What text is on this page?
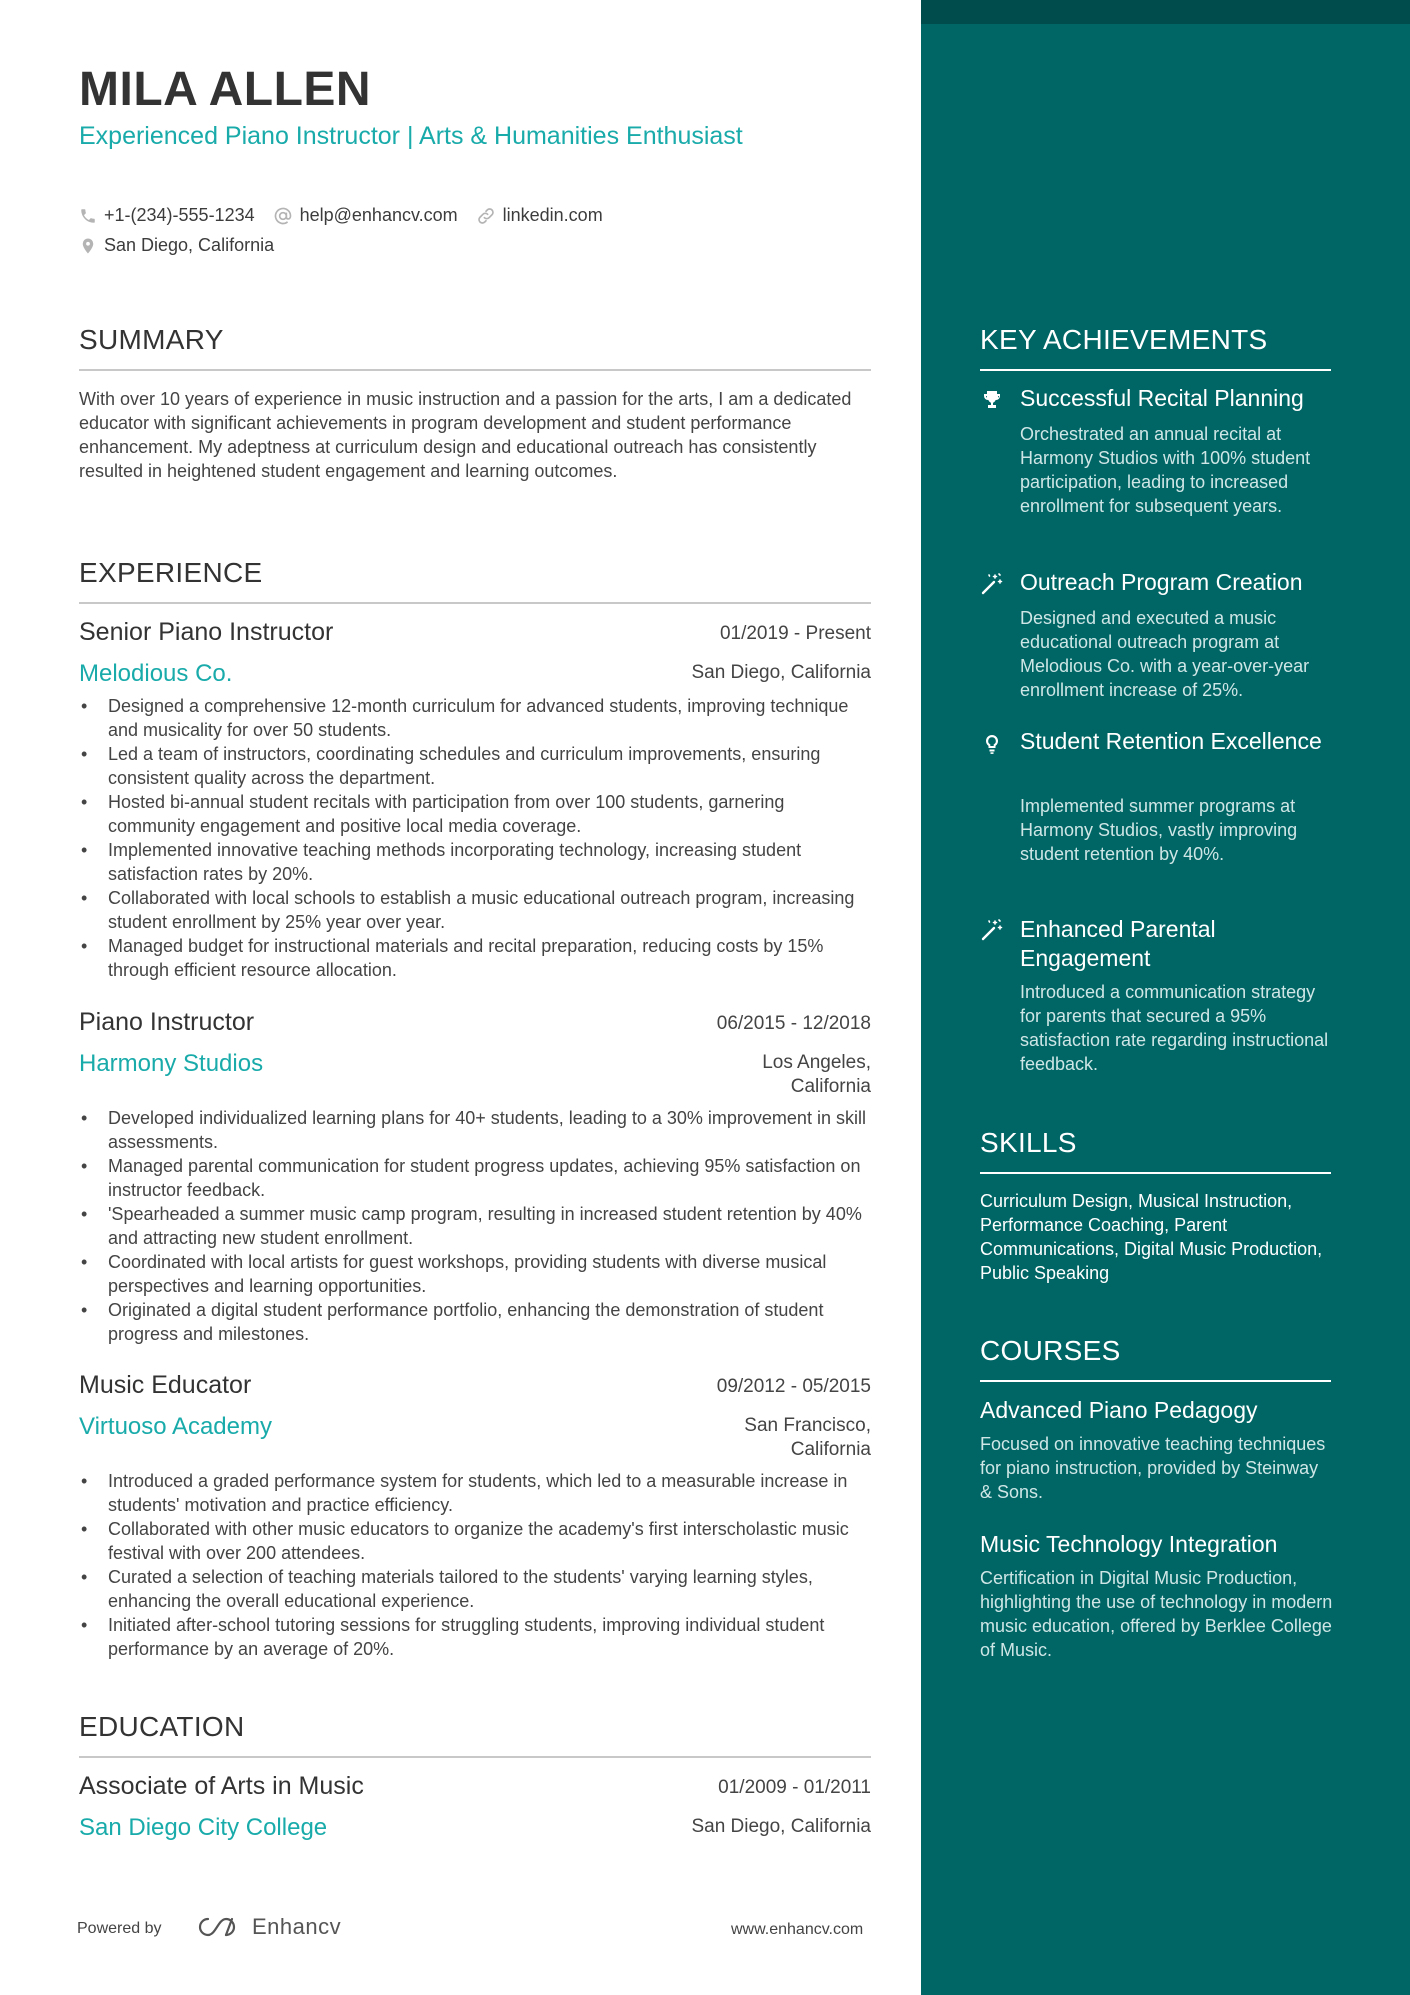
MILA ALLEN
Experienced Piano Instructor | Arts & Humanities Enthusiast
+1-(234)-555-1234	help@enhancv.com	linkedin.com
San Diego, California
SUMMARY
With over 10 years of experience in music instruction and a passion for the arts, I am a dedicated educator with significant achievements in program development and student performance enhancement. My adeptness at curriculum design and educational outreach has consistently resulted in heightened student engagement and learning outcomes.
EXPERIENCE
Senior Piano Instructor	01/2019 - Present
Melodious Co.	San Diego, California
• Designed a comprehensive 12-month curriculum for advanced students, improving technique and musicality for over 50 students.
• Led a team of instructors, coordinating schedules and curriculum improvements, ensuring consistent quality across the department.
• Hosted bi-annual student recitals with participation from over 100 students, garnering community engagement and positive local media coverage.
• Implemented innovative teaching methods incorporating technology, increasing student satisfaction rates by 20%.
• Collaborated with local schools to establish a music educational outreach program, increasing student enrollment by 25% year over year.
• Managed budget for instructional materials and recital preparation, reducing costs by 15% through efficient resource allocation.
Piano Instructor	06/2015 - 12/2018
Harmony Studios	Los Angeles, California
• Developed individualized learning plans for 40+ students, leading to a 30% improvement in skill assessments.
• Managed parental communication for student progress updates, achieving 95% satisfaction on instructor feedback.
• 'Spearheaded a summer music camp program, resulting in increased student retention by 40% and attracting new student enrollment.
• Coordinated with local artists for guest workshops, providing students with diverse musical perspectives and learning opportunities.
• Originated a digital student performance portfolio, enhancing the demonstration of student progress and milestones.
Music Educator	09/2012 - 05/2015
Virtuoso Academy	San Francisco, California
• Introduced a graded performance system for students, which led to a measurable increase in students' motivation and practice efficiency.
• Collaborated with other music educators to organize the academy's first interscholastic music festival with over 200 attendees.
• Curated a selection of teaching materials tailored to the students' varying learning styles, enhancing the overall educational experience.
• Initiated after-school tutoring sessions for struggling students, improving individual student performance by an average of 20%.
EDUCATION
Associate of Arts in Music	01/2009 - 01/2011
San Diego City College	San Diego, California
Powered by	Enhancv	www.enhancv.com
KEY ACHIEVEMENTS
Successful Recital Planning
Orchestrated an annual recital at Harmony Studios with 100% student participation, leading to increased enrollment for subsequent years.
Outreach Program Creation
Designed and executed a music educational outreach program at Melodious Co. with a year-over-year enrollment increase of 25%.
Student Retention Excellence
Implemented summer programs at Harmony Studios, vastly improving student retention by 40%.
Enhanced Parental Engagement
Introduced a communication strategy for parents that secured a 95% satisfaction rate regarding instructional feedback.
SKILLS
Curriculum Design, Musical Instruction, Performance Coaching, Parent Communications, Digital Music Production, Public Speaking
COURSES
Advanced Piano Pedagogy
Focused on innovative teaching techniques for piano instruction, provided by Steinway & Sons.
Music Technology Integration
Certification in Digital Music Production, highlighting the use of technology in modern music education, offered by Berklee College of Music.
